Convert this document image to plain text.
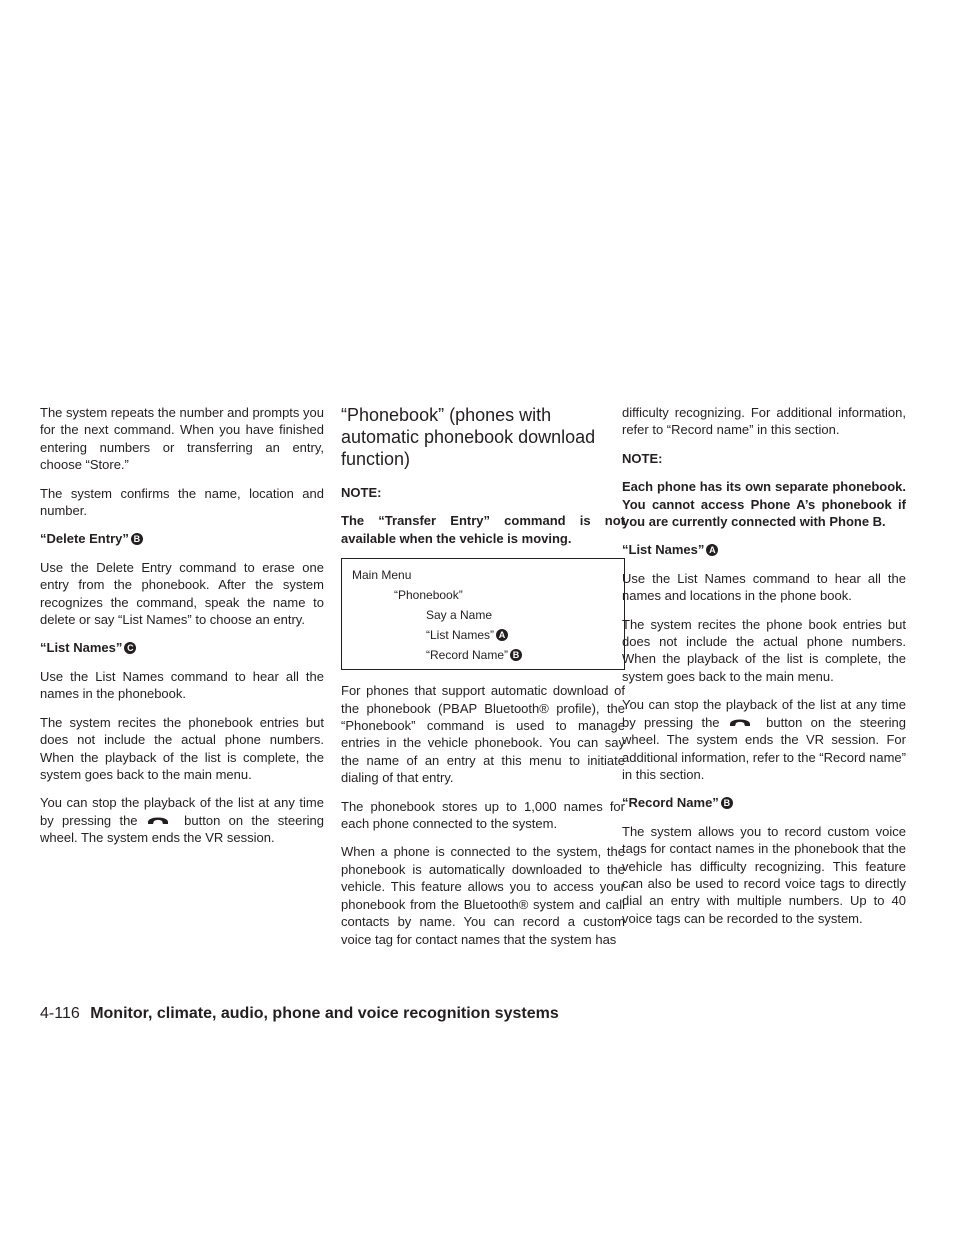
The system repeats the number and prompts you for the next command. When you have finished entering numbers or transferring an entry, choose “Store.”

The system confirms the name, location and number.

“Delete Entry” B

Use the Delete Entry command to erase one entry from the phonebook. After the system recognizes the command, speak the name to delete or say “List Names” to choose an entry.

“List Names” C

Use the List Names command to hear all the names in the phonebook.

The system recites the phonebook entries but does not include the actual phone numbers. When the playback of the list is complete, the system goes back to the main menu.

You can stop the playback of the list at any time by pressing the	button on the steering wheel. The system ends the VR session.

“Phonebook” (phones with automatic phonebook download function)
NOTE:
The “Transfer Entry” command is not available when the vehicle is moving.
Main Menu
“Phonebook”
Say a Name
“List Names” A
“Record Name” B

For phones that support automatic download of the phonebook (PBAP Bluetooth® profile), the “Phonebook” command is used to manage entries in the vehicle phonebook. You can say the name of an entry at this menu to initiate dialing of that entry.

The phonebook stores up to 1,000 names for each phone connected to the system.

When a phone is connected to the system, the phonebook is automatically downloaded to the vehicle. This feature allows you to access your phonebook from the Bluetooth® system and call contacts by name. You can record a custom voice tag for contact names that the system has

difficulty recognizing. For additional information, refer to “Record name” in this section.

NOTE:
Each phone has its own separate phonebook. You cannot access Phone A’s phonebook if you are currently connected with Phone B.
“List Names” A

Use the List Names command to hear all the names and locations in the phone book.

The system recites the phone book entries but does not include the actual phone numbers. When the playback of the list is complete, the system goes back to the main menu.

You can stop the playback of the list at any time by pressing the	button on the steering wheel. The system ends the VR session. For additional information, refer to the “Record name” in this section.

“Record Name” B

The system allows you to record custom voice tags for contact names in the phonebook that the vehicle has difficulty recognizing. This feature can also be used to record voice tags to directly dial an entry with multiple numbers. Up to 40 voice tags can be recorded to the system.

4-116 Monitor, climate, audio, phone and voice recognition systems
